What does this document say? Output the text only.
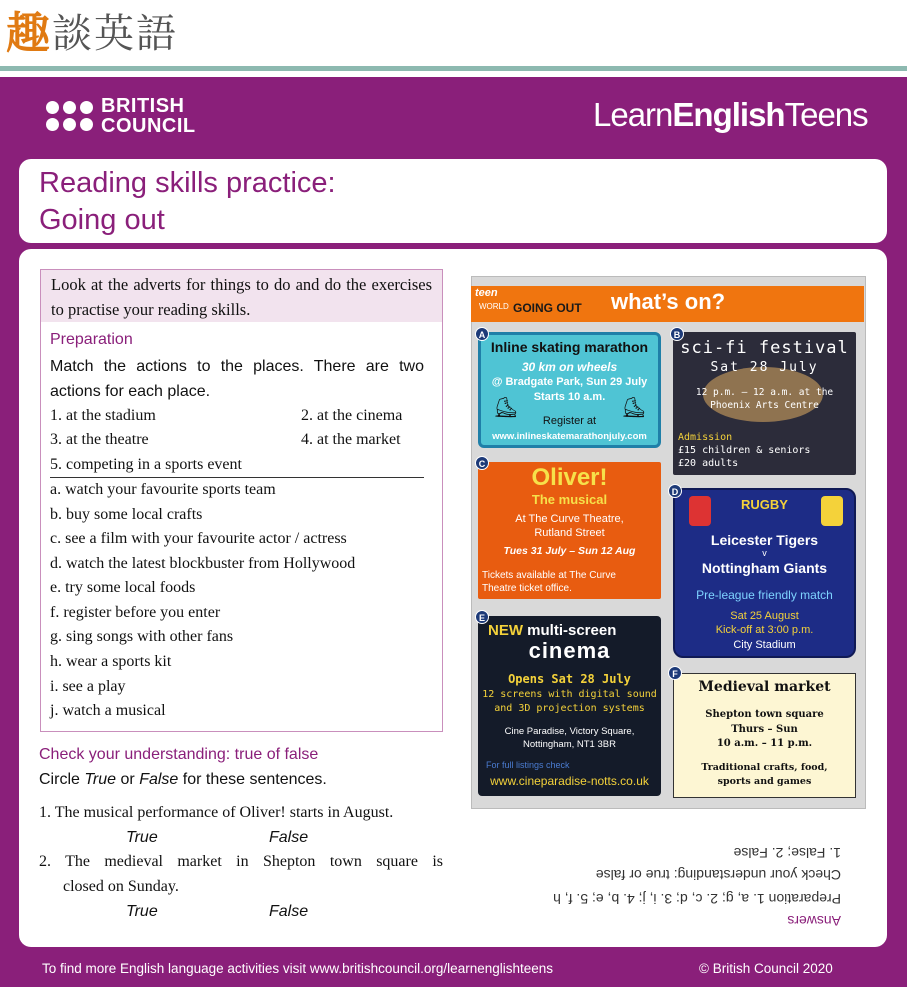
趣 談英語
BRITISH
COUNCIL	LearnEnglishTeens
Reading skills practice:
Going out
Look at the adverts for things to do and do the exercises to practise your reading skills.
Preparation
Match the actions to the places. There are two actions for each place.
1. at the stadium	2. at the cinema
3. at the theatre	4. at the market
5. competing in a sports event
a. watch your favourite sports team
b. buy some local crafts
c. see a film with your favourite actor / actress
d. watch the latest blockbuster from Hollywood
e. try some local foods
f. register before you enter
g. sing songs with other fans
h. wear a sports kit
i. see a play
j. watch a musical
Check your understanding: true of false
Circle True or False for these sentences.
1. The musical performance of Oliver! starts in August.
True	False
2. The medieval market in Shepton town square is
closed on Sunday.
True	False
teen
WORLD GOING OUT what’s on?
Inline skating marathon
30 km on wheels
@ Bradgate Park, Sun 29 July
Starts 10 a.m.
Register at
www.inlineskatemarathonjuly.com
⛸	⛸
A
sci-fi festival
Sat 28 July
12 p.m. – 12 a.m. at the
Phoenix Arts Centre
Admission
£15 children & seniors
£20 adults
B
Oliver!
The musical
At The Curve Theatre,
Rutland Street
Tues 31 July – Sun 12 Aug
Tickets available at The Curve
Theatre ticket office.
C
RUGBY
Leicester Tigers
v
Nottingham Giants
Pre-league friendly match
Sat 25 August
Kick-off at 3:00 p.m.
City Stadium
D
NEW multi-screen
cinema
Opens Sat 28 July
12 screens with digital sound
and 3D projection systems
Cine Paradise, Victory Square,
Nottingham, NT1 3BR
For full listings check
www.cineparadise-notts.co.uk
E
Medieval market
Shepton town square
Thurs – Sun
10 a.m. – 11 p.m.
Traditional crafts, food,
sports and games
F
Answers
Preparation 1. a, g; 2. c, d; 3. i, j; 4. b, e; 5. f, h
Check your understanding: true or false
1. False; 2. False
To find more English language activities visit www.britishcouncil.org/learnenglishteens	© British Council 2020
